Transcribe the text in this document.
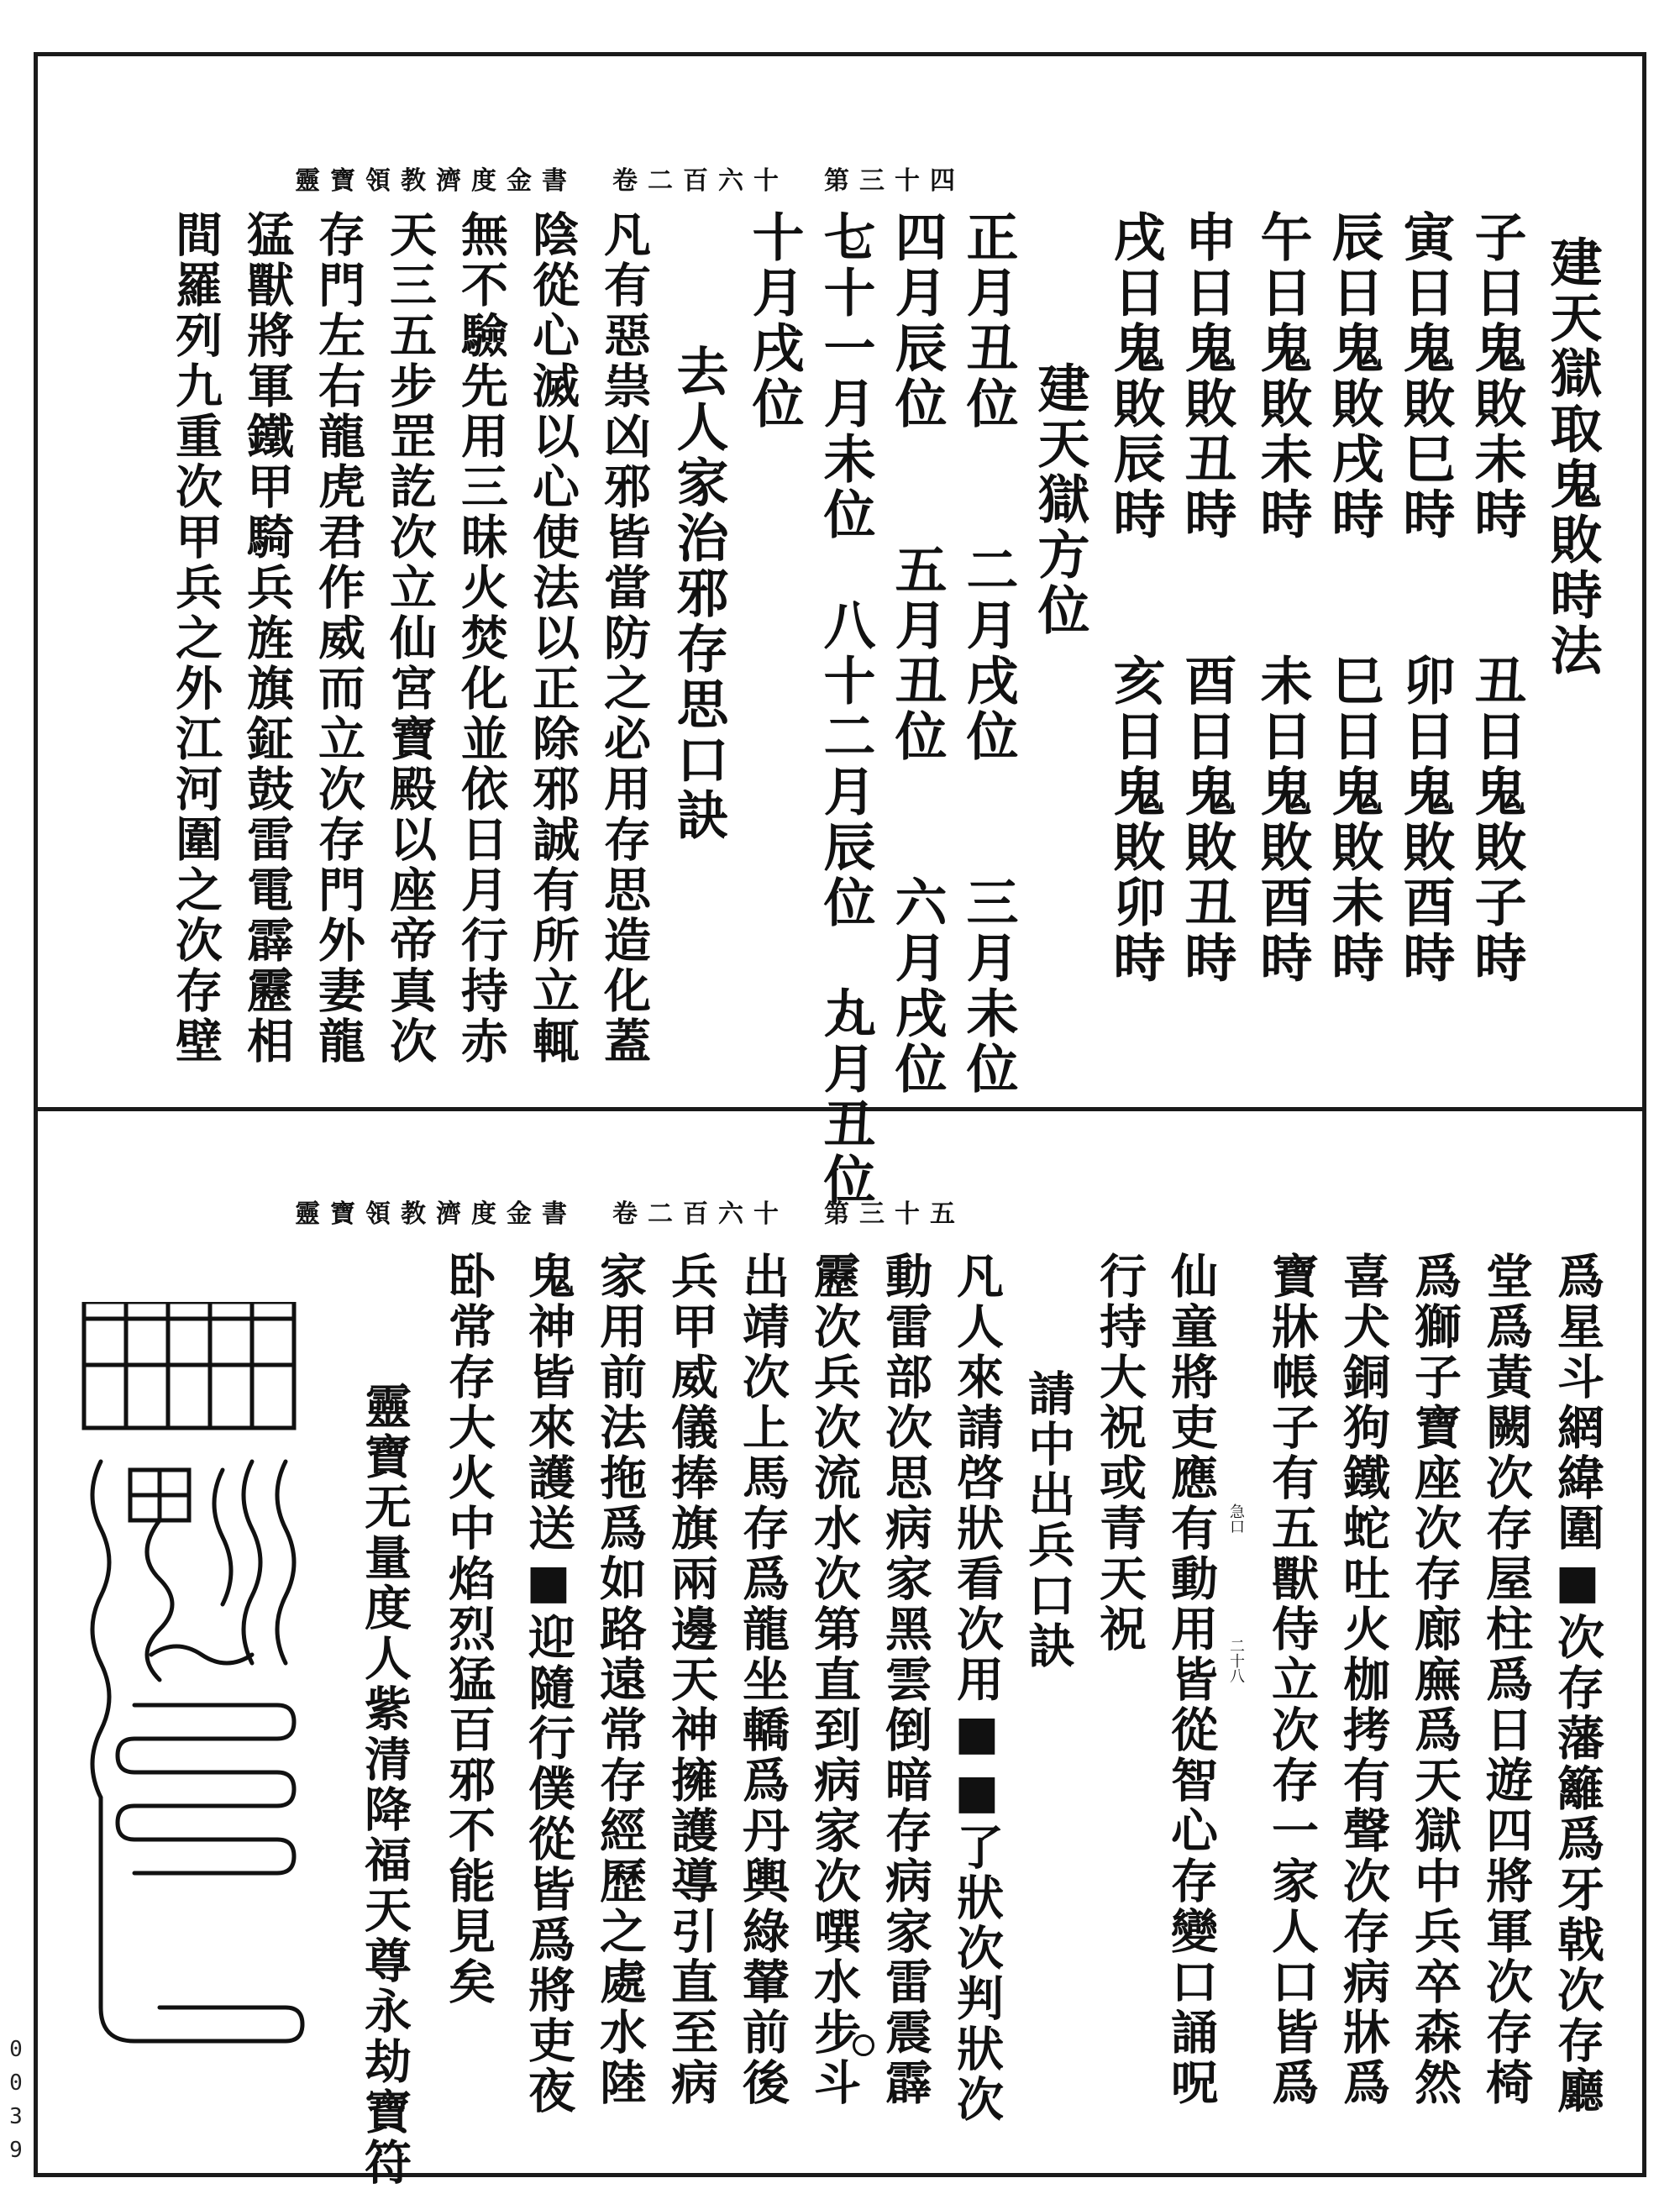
靈寶領教濟度金書　卷二百六十　第三十四
建天獄取鬼敗時法
子日鬼敗未時　　丑日鬼敗子時
寅日鬼敗巳時　　卯日鬼敗酉時
辰日鬼敗戌時　　巳日鬼敗未時
午日鬼敗未時　　未日鬼敗酉時
申日鬼敗丑時　　酉日鬼敗丑時
戌日鬼敗辰時　　亥日鬼敗卯時
建天獄方位
正月丑位　　二月戌位　　三月未位
四月辰位　　五月丑位　　六月戌位
七十一月未位　八十二月辰位　九月丑位
十月戌位
去人家治邪存思口訣
凡有惡祟凶邪皆當防之必用存思造化蓋
陰從心滅以心使法以正除邪誠有所立輒
無不驗先用三昧火焚化並依日月行持赤
天三五步罡訖次立仙宮寶殿以座帝真次
存門左右龍虎君作威而立次存門外妻龍
猛獸將軍鐵甲騎兵旌旗鉦鼓雷電霹靂相
間羅列九重次甲兵之外江河圍之次存壁
靈寶領教濟度金書　卷二百六十　第三十五
爲星斗網緯圍■次存藩籬爲牙戟次存廳
堂爲黃闕次存屋柱爲日遊四將軍次存椅
爲獅子寶座次存廊廡爲天獄中兵卒森然
喜犬銅狗鐵蛇吐火枷拷有聲次存病牀爲
寶牀帳子有五獸侍立次存一家人口皆爲
急口
二十八
仙童將吏應有動用皆從智心存變口誦呪
行持大祝或青天祝
請中出兵口訣
凡人來請啓狀看次用■■了狀次判狀次
動雷部次思病家黑雲倒暗存病家雷震霹
靂次兵次流水次第直到病家次噀水步斗
出靖次上馬存爲龍坐轎爲丹輿綠輦前後
兵甲威儀捧旗兩邊天神擁護導引直至病
家用前法拖爲如路遠常存經歷之處水陸
鬼神皆來護送■迎隨行僕從皆爲將吏夜
卧常存大火中焰烈猛百邪不能見矣
靈寶无量度人紫清降福天尊永劫寶符
0
0
3
9
